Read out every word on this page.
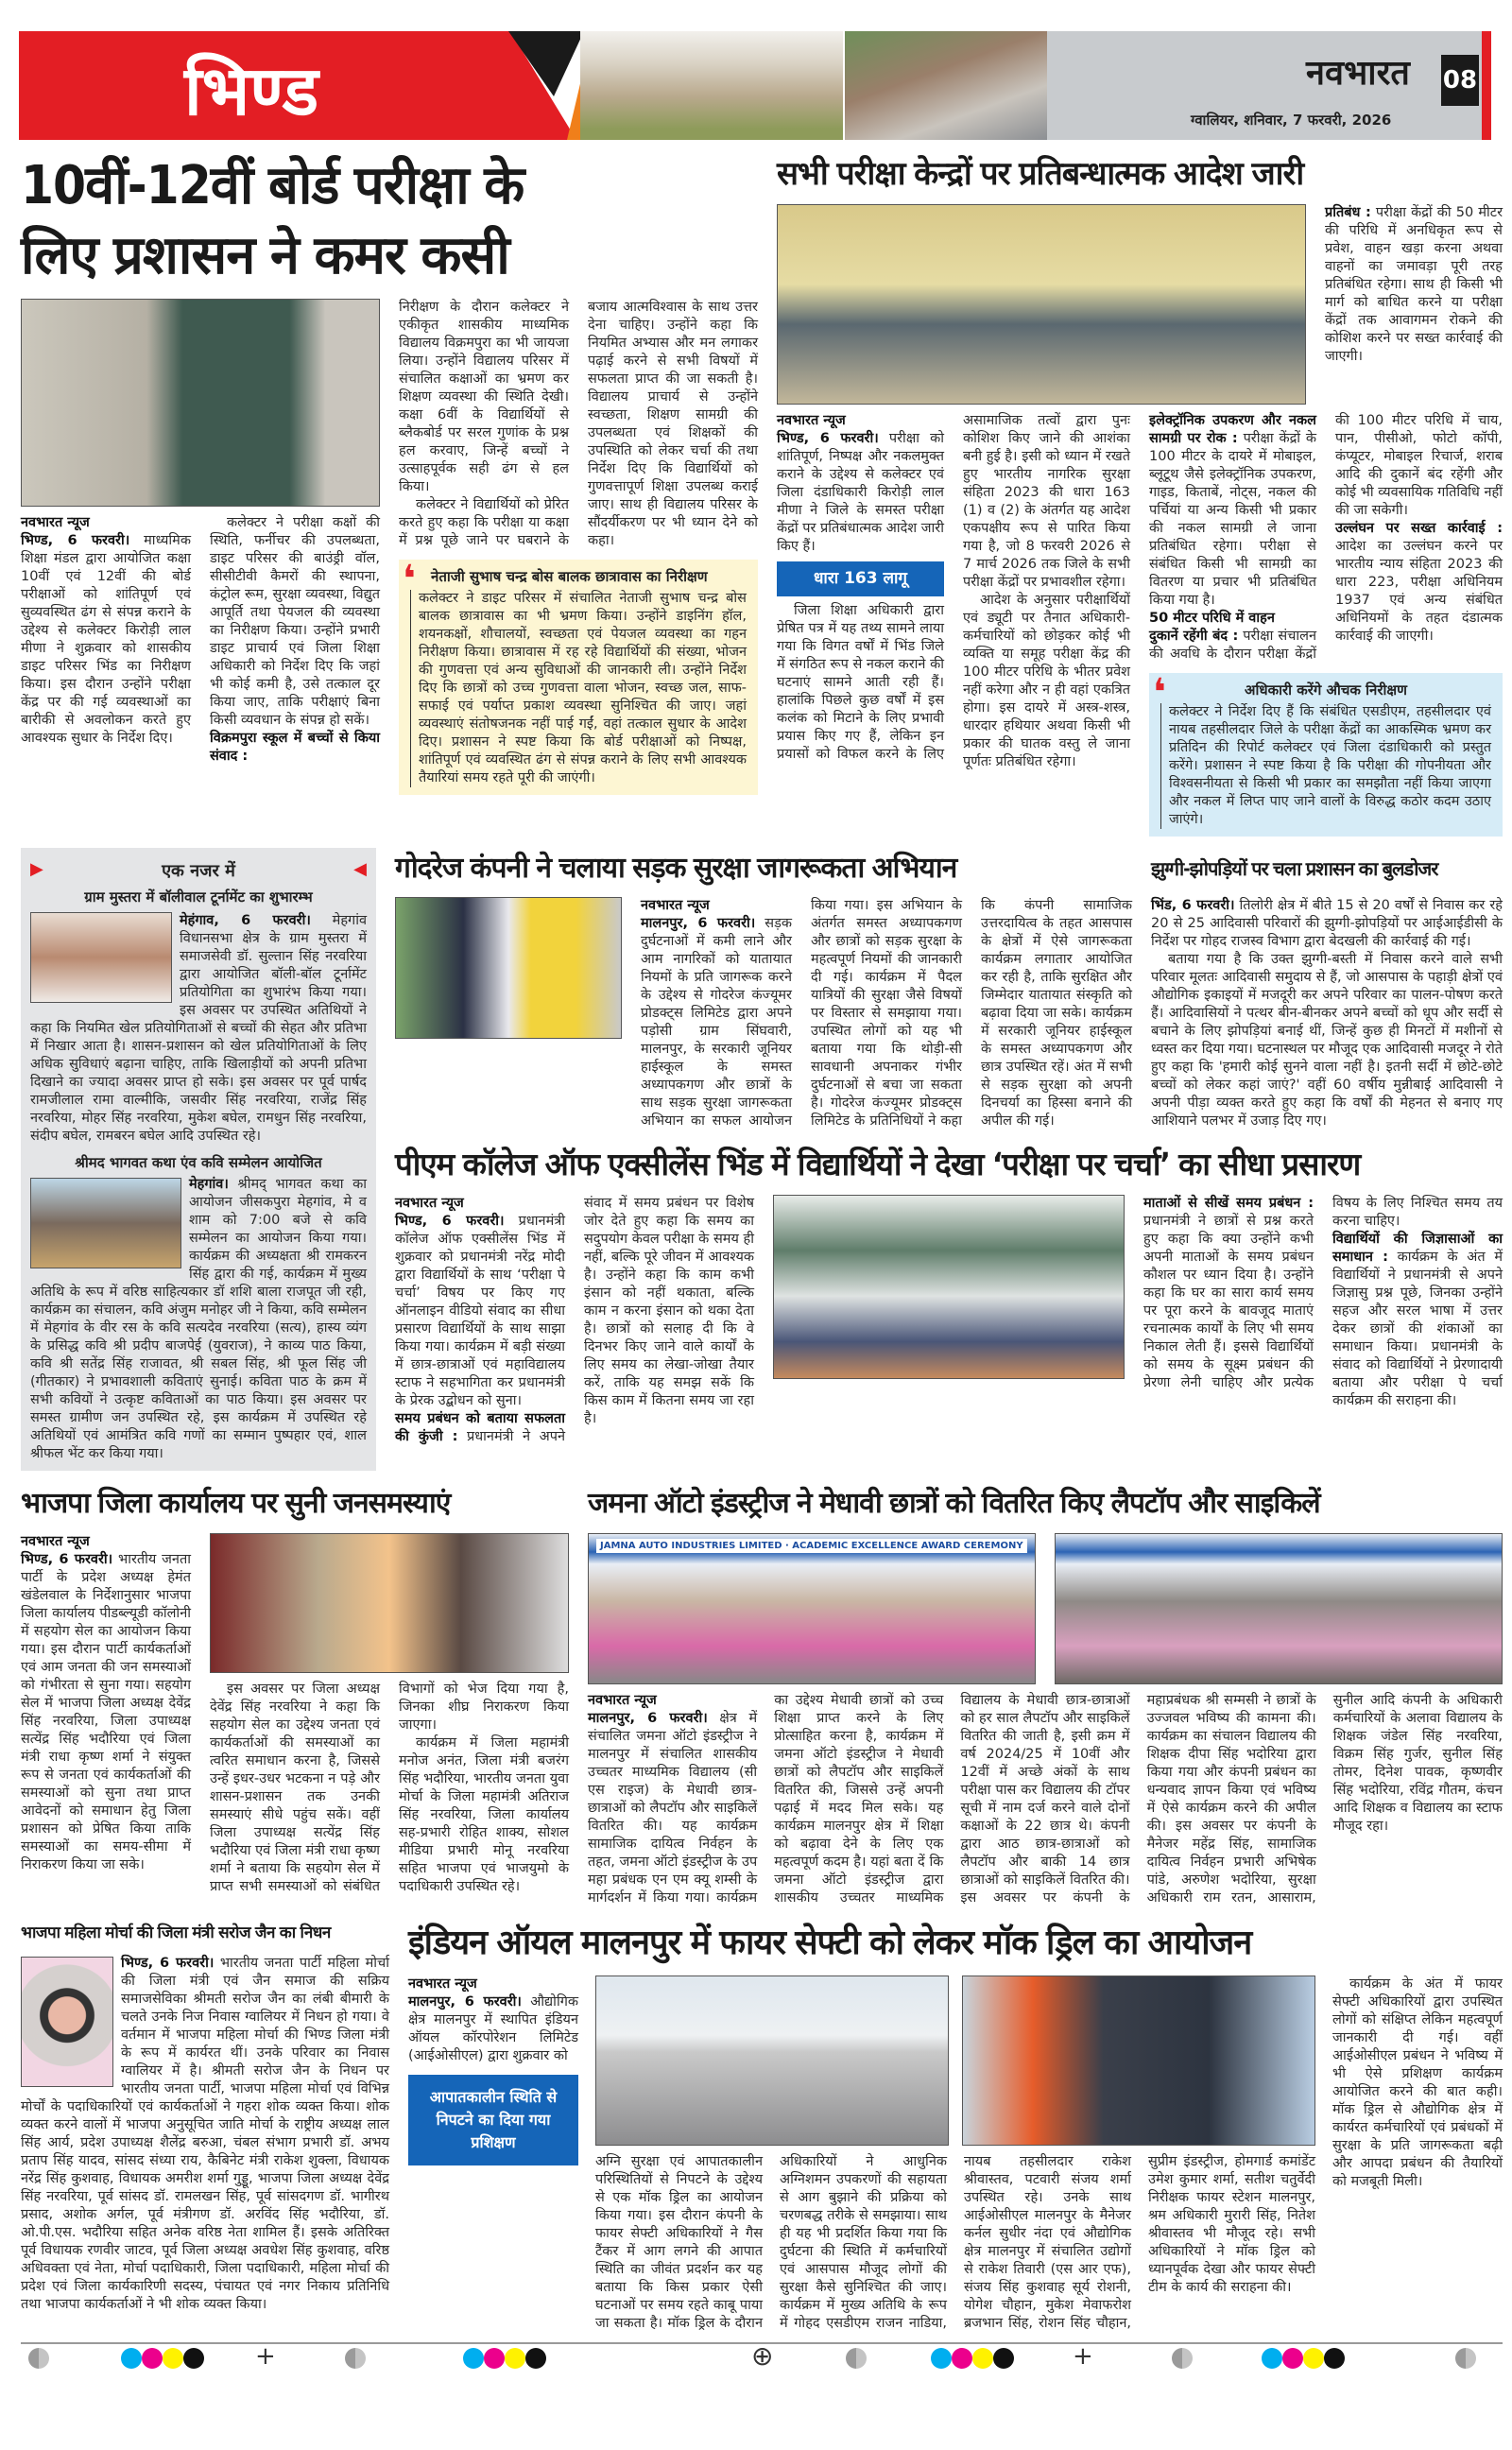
भिण्ड	नवभारत 08
ग्वालियर, शनिवार, 7 फरवरी, 2026
10वीं-12वीं बोर्ड परीक्षा के
लिए प्रशासन ने कमर कसी
नवभारत न्यूज
भिण्ड, 6 फरवरी। माध्यमिक शिक्षा मंडल द्वारा आयोजित कक्षा 10वीं एवं 12वीं की बोर्ड परीक्षाओं को शांतिपूर्ण एवं सुव्यवस्थित ढंग से संपन्न कराने के उद्देश्य से कलेक्टर किरोड़ी लाल मीणा ने शुक्रवार को शासकीय डाइट परिसर भिंड का निरीक्षण किया। इस दौरान उन्होंने परीक्षा केंद्र पर की गई व्यवस्थाओं का बारीकी से अवलोकन करते हुए आवश्यक सुधार के निर्देश दिए।

कलेक्टर ने परीक्षा कक्षों की स्थिति, फर्नीचर की उपलब्धता, डाइट परिसर की बाउंड्री वॉल, सीसीटीवी कैमरों की स्थापना, कंट्रोल रूम, सुरक्षा व्यवस्था, विद्युत आपूर्ति तथा पेयजल की व्यवस्था का निरीक्षण किया। उन्होंने प्रभारी डाइट प्राचार्य एवं जिला शिक्षा अधिकारी को निर्देश दिए कि जहां भी कोई कमी है, उसे तत्काल दूर किया जाए, ताकि परीक्षाएं बिना किसी व्यवधान के संपन्न हो सकें।

विक्रमपुरा स्कूल में बच्चों से किया संवाद :

निरीक्षण के दौरान कलेक्टर ने एकीकृत शासकीय माध्यमिक विद्यालय विक्रमपुरा का भी जायजा लिया। उन्होंने विद्यालय परिसर में संचालित कक्षाओं का भ्रमण कर शिक्षण व्यवस्था की स्थिति देखी। कक्षा 6वीं के विद्यार्थियों से ब्लैकबोर्ड पर सरल गुणांक के प्रश्न हल करवाए, जिन्हें बच्चों ने उत्साहपूर्वक सही ढंग से हल किया।

कलेक्टर ने विद्यार्थियों को प्रेरित करते हुए कहा कि परीक्षा या कक्षा में प्रश्न पूछे जाने पर घबराने के बजाय आत्मविश्वास के साथ उत्तर देना चाहिए। उन्होंने कहा कि नियमित अभ्यास और मन लगाकर पढ़ाई करने से सभी विषयों में सफलता प्राप्त की जा सकती है। विद्यालय प्राचार्य से उन्होंने स्वच्छता, शिक्षण सामग्री की उपलब्धता एवं शिक्षकों की उपस्थिति को लेकर चर्चा की तथा निर्देश दिए कि विद्यार्थियों को गुणवत्तापूर्ण शिक्षा उपलब्ध कराई जाए। साथ ही विद्यालय परिसर के सौंदर्यीकरण पर भी ध्यान देने को कहा।

❛ नेताजी सुभाष चन्द्र बोस बालक छात्रावास का निरीक्षण
कलेक्टर ने डाइट परिसर में संचालित नेताजी सुभाष चन्द्र बोस बालक छात्रावास का भी भ्रमण किया। उन्होंने डाइनिंग हॉल, शयनकक्षों, शौचालयों, स्वच्छता एवं पेयजल व्यवस्था का गहन निरीक्षण किया। छात्रावास में रह रहे विद्यार्थियों की संख्या, भोजन की गुणवत्ता एवं अन्य सुविधाओं की जानकारी ली। उन्होंने निर्देश दिए कि छात्रों को उच्च गुणवत्ता वाला भोजन, स्वच्छ जल, साफ-सफाई एवं पर्याप्त प्रकाश व्यवस्था सुनिश्चित की जाए। जहां व्यवस्थाएं संतोषजनक नहीं पाई गईं, वहां तत्काल सुधार के आदेश दिए। प्रशासन ने स्पष्ट किया कि बोर्ड परीक्षाओं को निष्पक्ष, शांतिपूर्ण एवं व्यवस्थित ढंग से संपन्न कराने के लिए सभी आवश्यक तैयारियां समय रहते पूरी की जाएंगी।
सभी परीक्षा केन्द्रों पर प्रतिबन्धात्मक आदेश जारी
प्रतिबंध : परीक्षा केंद्रों की 50 मीटर की परिधि में अनधिकृत रूप से प्रवेश, वाहन खड़ा करना अथवा वाहनों का जमावड़ा पूरी तरह प्रतिबंधित रहेगा। साथ ही किसी भी मार्ग को बाधित करने या परीक्षा केंद्रों तक आवागमन रोकने की कोशिश करने पर सख्त कार्रवाई की जाएगी।
नवभारत न्यूज
भिण्ड, 6 फरवरी। परीक्षा को शांतिपूर्ण, निष्पक्ष और नकलमुक्त कराने के उद्देश्य से कलेक्टर एवं जिला दंडाधिकारी किरोड़ी लाल मीणा ने जिले के समस्त परीक्षा केंद्रों पर प्रतिबंधात्मक आदेश जारी किए हैं।
धारा 163 लागू

जिला शिक्षा अधिकारी द्वारा प्रेषित पत्र में यह तथ्य सामने लाया गया कि विगत वर्षों में भिंड जिले में संगठित रूप से नकल कराने की घटनाएं सामने आती रही हैं। हालांकि पिछले कुछ वर्षों में इस कलंक को मिटाने के लिए प्रभावी प्रयास किए गए हैं, लेकिन इन प्रयासों को विफल करने के लिए असामाजिक तत्वों द्वारा पुनः कोशिश किए जाने की आशंका बनी हुई है। इसी को ध्यान में रखते हुए भारतीय नागरिक सुरक्षा संहिता 2023 की धारा 163 (1) व (2) के अंतर्गत यह आदेश एकपक्षीय रूप से पारित किया गया है, जो 8 फरवरी 2026 से 7 मार्च 2026 तक जिले के सभी परीक्षा केंद्रों पर प्रभावशील रहेगा।

आदेश के अनुसार परीक्षार्थियों एवं ड्यूटी पर तैनात अधिकारी-कर्मचारियों को छोड़कर कोई भी व्यक्ति या समूह परीक्षा केंद्र की 100 मीटर परिधि के भीतर प्रवेश नहीं करेगा और न ही वहां एकत्रित होगा। इस दायरे में अस्त्र-शस्त्र, धारदार हथियार अथवा किसी भी प्रकार की घातक वस्तु ले जाना पूर्णतः प्रतिबंधित रहेगा।

इलेक्ट्रॉनिक उपकरण और नकल सामग्री पर रोक : परीक्षा केंद्रों के 100 मीटर के दायरे में मोबाइल, ब्लूटूथ जैसे इलेक्ट्रॉनिक उपकरण, गाइड, किताबें, नोट्स, नकल की पर्चियां या अन्य किसी भी प्रकार की नकल सामग्री ले जाना प्रतिबंधित रहेगा। परीक्षा से संबंधित किसी भी सामग्री का वितरण या प्रचार भी प्रतिबंधित किया गया है।

50 मीटर परिधि में वाहन

दुकानें रहेंगी बंद : परीक्षा संचालन की अवधि के दौरान परीक्षा केंद्रों की 100 मीटर परिधि में चाय, पान, पीसीओ, फोटो कॉपी, कंप्यूटर, मोबाइल रिचार्ज, शराब आदि की दुकानें बंद रहेंगी और कोई भी व्यवसायिक गतिविधि नहीं की जा सकेगी।

उल्लंघन पर सख्त कार्रवाई : आदेश का उल्लंघन करने पर भारतीय न्याय संहिता 2023 की धारा 223, परीक्षा अधिनियम 1937 एवं अन्य संबंधित अधिनियमों के तहत दंडात्मक कार्रवाई की जाएगी।

❛	अधिकारी करेंगे औचक निरीक्षण
कलेक्टर ने निर्देश दिए हैं कि संबंधित एसडीएम, तहसीलदार एवं नायब तहसीलदार जिले के परीक्षा केंद्रों का आकस्मिक भ्रमण कर प्रतिदिन की रिपोर्ट कलेक्टर एवं जिला दंडाधिकारी को प्रस्तुत करेंगे। प्रशासन ने स्पष्ट किया है कि परीक्षा की गोपनीयता और विश्वसनीयता से किसी भी प्रकार का समझौता नहीं किया जाएगा और नकल में लिप्त पाए जाने वालों के विरुद्ध कठोर कदम उठाए जाएंगे।
▶	एक नजर में	◀
ग्राम मुस्तरा में बॉलीवाल टूर्नामेंट का शुभारम्भ
मेहंगाव, 6 फरवरी। मेहगांव विधानसभा क्षेत्र के ग्राम मुस्तरा में समाजसेवी डॉ. सुल्तान सिंह नरवरिया द्वारा आयोजित बॉली-बॉल टूर्नामेंट प्रतियोगिता का शुभारंभ किया गया। इस अवसर पर उपस्थित अतिथियों ने कहा कि नियमित खेल प्रतियोगिताओं से बच्चों की सेहत और प्रतिभा में निखार आता है। शासन-प्रशासन को खेल प्रतियोगिताओं के लिए अधिक सुविधाएं बढ़ाना चाहिए, ताकि खिलाड़ीयों को अपनी प्रतिभा दिखाने का ज्यादा अवसर प्राप्त हो सके। इस अवसर पर पूर्व पार्षद रामजीलाल रामा वाल्मीकि, जसवीर सिंह नरवरिया, राजेंद्र सिंह नरवरिया, मोहर सिंह नरवरिया, मुकेश बघेल, रामधुन सिंह नरवरिया, संदीप बघेल, रामबरन बघेल आदि उपस्थित रहे।
श्रीमद भागवत कथा एंव कवि सम्मेलन आयोजित
मेहगांव। श्रीमद् भागवत कथा का आयोजन जीसकपुरा मेहगांव, मे व शाम को 7:00 बजे से कवि सम्मेलन का आयोजन किया गया। कार्यक्रम की अध्यक्षता श्री रामकरन सिंह द्वारा की गई, कार्यक्रम में मुख्य अतिथि के रूप में वरिष्ठ साहित्यकार डॉ शशि बाला राजपूत जी रही, कार्यक्रम का संचालन, कवि अंजुम मनोहर जी ने किया, कवि सम्मेलन में मेहगांव के वीर रस के कवि सत्यदेव नरवरिया (सत्य), हास्य व्यंग के प्रसिद्ध कवि श्री प्रदीप बाजपेई (युवराज), ने काव्य पाठ किया, कवि श्री सतेंद्र सिंह राजावत, श्री सबल सिंह, श्री फूल सिंह जी (गीतकार) ने प्रभावशाली कविताएं सुनाई। कविता पाठ के क्रम में सभी कवियों ने उत्कृष्ट कविताओं का पाठ किया। इस अवसर पर समस्त ग्रामीण जन उपस्थित रहे, इस कार्यक्रम में उपस्थित रहे अतिथियों एवं आमंत्रित कवि गणों का सम्मान पुष्पहार एवं, शाल श्रीफल भेंट कर किया गया।
गोदरेज कंपनी ने चलाया सड़क सुरक्षा जागरूकता अभियान
नवभारत न्यूज
मालनपुर, 6 फरवरी। सड़क दुर्घटनाओं में कमी लाने और आम नागरिकों को यातायात नियमों के प्रति जागरूक करने के उद्देश्य से गोदरेज कंज्यूमर प्रोडक्ट्स लिमिटेड द्वारा अपने पड़ोसी ग्राम सिंघवारी, मालनपुर, के सरकारी जूनियर हाईस्कूल के समस्त अध्यापकगण और छात्रों के साथ सड़क सुरक्षा जागरूकता अभियान का सफल आयोजन किया गया। इस अभियान के अंतर्गत समस्त अध्यापकगण और छात्रों को सड़क सुरक्षा के महत्वपूर्ण नियमों की जानकारी दी गई। कार्यक्रम में पैदल यात्रियों की सुरक्षा जैसे विषयों पर विस्तार से समझाया गया। उपस्थित लोगों को यह भी बताया गया कि थोड़ी-सी सावधानी अपनाकर गंभीर दुर्घटनाओं से बचा जा सकता है। गोदरेज कंज्यूमर प्रोडक्ट्स लिमिटेड के प्रतिनिधियों ने कहा कि कंपनी सामाजिक उत्तरदायित्व के तहत आसपास के क्षेत्रों में ऐसे जागरूकता कार्यक्रम लगातार आयोजित कर रही है, ताकि सुरक्षित और जिम्मेदार यातायात संस्कृति को बढ़ावा दिया जा सके। कार्यक्रम में सरकारी जूनियर हाईस्कूल के समस्त अध्यापकगण और छात्र उपस्थित रहें। अंत में सभी से सड़क सुरक्षा को अपनी दिनचर्या का हिस्सा बनाने की अपील की गई।
झुग्गी-झोपड़ियों पर चला प्रशासन का बुलडोजर
भिंड, 6 फरवरी। तिलोरी क्षेत्र में बीते 15 से 20 वर्षों से निवास कर रहे 20 से 25 आदिवासी परिवारों की झुग्गी-झोपड़ियों पर आईआईडीसी के निर्देश पर गोहद राजस्व विभाग द्वारा बेदखली की कार्रवाई की गई।

बताया गया है कि उक्त झुग्गी-बस्ती में निवास करने वाले सभी परिवार मूलतः आदिवासी समुदाय से हैं, जो आसपास के पहाड़ी क्षेत्रों एवं औद्योगिक इकाइयों में मजदूरी कर अपने परिवार का पालन-पोषण करते हैं। आदिवासियों ने पत्थर बीन-बीनकर अपने बच्चों को धूप और सर्दी से बचाने के लिए झोपड़ियां बनाई थीं, जिन्हें कुछ ही मिनटों में मशीनों से ध्वस्त कर दिया गया। घटनास्थल पर मौजूद एक आदिवासी मजदूर ने रोते हुए कहा कि 'हमारी कोई सुनने वाला नहीं है। इतनी सर्दी में छोटे-छोटे बच्चों को लेकर कहां जाएं?' वहीं 60 वर्षीय मुन्नीबाई आदिवासी ने अपनी पीड़ा व्यक्त करते हुए कहा कि वर्षों की मेहनत से बनाए गए आशियाने पलभर में उजाड़ दिए गए।

पीएम कॉलेज ऑफ एक्सीलेंस भिंड में विद्यार्थियों ने देखा ‘परीक्षा पर चर्चा’ का सीधा प्रसारण
नवभारत न्यूज
भिण्ड, 6 फरवरी। प्रधानमंत्री कॉलेज ऑफ एक्सीलेंस भिंड में शुक्रवार को प्रधानमंत्री नरेंद्र मोदी द्वारा विद्यार्थियों के साथ ‘परीक्षा पे चर्चा’ विषय पर किए गए ऑनलाइन वीडियो संवाद का सीधा प्रसारण विद्यार्थियों के साथ साझा किया गया। कार्यक्रम में बड़ी संख्या में छात्र-छात्राओं एवं महाविद्यालय स्टाफ ने सहभागिता कर प्रधानमंत्री के प्रेरक उद्बोधन को सुना।

समय प्रबंधन को बताया सफलता की कुंजी : प्रधानमंत्री ने अपने संवाद में समय प्रबंधन पर विशेष जोर देते हुए कहा कि समय का सदुपयोग केवल परीक्षा के समय ही नहीं, बल्कि पूरे जीवन में आवश्यक है। उन्होंने कहा कि काम कभी इंसान को नहीं थकाता, बल्कि काम न करना इंसान को थका देता है। छात्रों को सलाह दी कि वे दिनभर किए जाने वाले कार्यों के लिए समय का लेखा-जोखा तैयार करें, ताकि यह समझ सकें कि किस काम में कितना समय जा रहा है।

माताओं से सीखें समय प्रबंधन : प्रधानमंत्री ने छात्रों से प्रश्न करते हुए कहा कि क्या उन्होंने कभी अपनी माताओं के समय प्रबंधन कौशल पर ध्यान दिया है। उन्होंने कहा कि घर का सारा कार्य समय पर पूरा करने के बावजूद माताएं रचनात्मक कार्यों के लिए भी समय निकाल लेती हैं। इससे विद्यार्थियों को समय के सूक्ष्म प्रबंधन की प्रेरणा लेनी चाहिए और प्रत्येक विषय के लिए निश्चित समय तय करना चाहिए।

विद्यार्थियों की जिज्ञासाओं का समाधान : कार्यक्रम के अंत में विद्यार्थियों ने प्रधानमंत्री से अपने जिज्ञासु प्रश्न पूछे, जिनका उन्होंने सहज और सरल भाषा में उत्तर देकर छात्रों की शंकाओं का समाधान किया। प्रधानमंत्री के संवाद को विद्यार्थियों ने प्रेरणादायी बताया और परीक्षा पे चर्चा कार्यक्रम की सराहना की।

भाजपा जिला कार्यालय पर सुनी जनसमस्याएं
नवभारत न्यूज
भिण्ड, 6 फरवरी। भारतीय जनता पार्टी के प्रदेश अध्यक्ष हेमंत खंडेलवाल के निर्देशानुसार भाजपा जिला कार्यालय पीडब्ल्यूडी कॉलोनी में सहयोग सेल का आयोजन किया गया। इस दौरान पार्टी कार्यकर्ताओं एवं आम जनता की जन समस्याओं को गंभीरता से सुना गया। सहयोग सेल में भाजपा जिला अध्यक्ष देवेंद्र सिंह नरवरिया, जिला उपाध्यक्ष सत्येंद्र सिंह भदौरिया एवं जिला मंत्री राधा कृष्ण शर्मा ने संयुक्त रूप से जनता एवं कार्यकर्ताओं की समस्याओं को सुना तथा प्राप्त आवेदनों को समाधान हेतु जिला प्रशासन को प्रेषित किया ताकि समस्याओं का समय-सीमा में निराकरण किया जा सके।

इस अवसर पर जिला अध्यक्ष देवेंद्र सिंह नरवरिया ने कहा कि सहयोग सेल का उद्देश्य जनता एवं कार्यकर्ताओं की समस्याओं का त्वरित समाधान करना है, जिससे उन्हें इधर-उधर भटकना न पड़े और शासन-प्रशासन तक उनकी समस्याएं सीधे पहुंच सकें। वहीं जिला उपाध्यक्ष सत्येंद्र सिंह भदौरिया एवं जिला मंत्री राधा कृष्ण शर्मा ने बताया कि सहयोग सेल में प्राप्त सभी समस्याओं को संबंधित विभागों को भेज दिया गया है, जिनका शीघ्र निराकरण किया जाएगा।

कार्यक्रम में जिला महामंत्री मनोज अनंत, जिला मंत्री बजरंग सिंह भदौरिया, भारतीय जनता युवा मोर्चा के जिला महामंत्री अतिराज सिंह नरवरिया, जिला कार्यालय सह-प्रभारी रोहित शाक्य, सोशल मीडिया प्रभारी मोनू नरवरिया सहित भाजपा एवं भाजयुमो के पदाधिकारी उपस्थित रहे।

जमना ऑटो इंडस्ट्रीज ने मेधावी छात्रों को वितरित किए लैपटॉप और साइकिलें
JAMNA AUTO INDUSTRIES LIMITED · ACADEMIC EXCELLENCE AWARD CEREMONY
नवभारत न्यूज
मालनपुर, 6 फरवरी। क्षेत्र में संचालित जमना ऑटो इंडस्ट्रीज ने मालनपुर में संचालित शासकीय उच्चतर माध्यमिक विद्यालय (सी एस राइज) के मेधावी छात्र-छात्राओं को लैपटॉप और साइकिलें वितरित की। यह कार्यक्रम सामाजिक दायित्व निर्वहन के तहत, जमना ऑटो इंडस्ट्रीज के उप महा प्रबंधक एन एम क्यू शम्सी के मार्गदर्शन में किया गया। कार्यक्रम का उद्देश्य मेधावी छात्रों को उच्च शिक्षा प्राप्त करने के लिए प्रोत्साहित करना है, कार्यक्रम में जमना ऑटो इंडस्ट्रीज ने मेधावी छात्रों को लैपटॉप और साइकिलें वितरित की, जिससे उन्हें अपनी पढ़ाई में मदद मिल सके। यह कार्यक्रम मालनपुर क्षेत्र में शिक्षा को बढ़ावा देने के लिए एक महत्वपूर्ण कदम है। यहां बता दें कि जमना ऑटो इंडस्ट्रीज द्वारा शासकीय उच्चतर माध्यमिक विद्यालय के मेधावी छात्र-छात्राओं को हर साल लैपटॉप और साइकिलें वितरित की जाती है, इसी क्रम में वर्ष 2024/25 में 10वीं और 12वीं में अच्छे अंकों के साथ परीक्षा पास कर विद्यालय की टॉपर सूची में नाम दर्ज करने वाले दोनों कक्षाओं के 22 छात्र थे। कंपनी द्वारा आठ छात्र-छात्राओं को लैपटॉप और बाकी 14 छात्र छात्राओं को साइकिलें वितरित की। इस अवसर पर कंपनी के महाप्रबंधक श्री सम्मसी ने छात्रों के उज्जवल भविष्य की कामना की। कार्यक्रम का संचालन विद्यालय की शिक्षक दीपा सिंह भदोरिया द्वारा किया गया और कंपनी प्रबंधन का धन्यवाद ज्ञापन किया एवं भविष्य में ऐसे कार्यक्रम करने की अपील की। इस अवसर पर कंपनी के मैनेजर महेंद्र सिंह, सामाजिक दायित्व निर्वहन प्रभारी अभिषेक पांडे, अरुणेश भदोरिया, सुरक्षा अधिकारी राम रतन, आसाराम, सुनील आदि कंपनी के अधिकारी कर्मचारियों के अलावा विद्यालय के शिक्षक जंडेल सिंह नरवरिया, विक्रम सिंह गुर्जर, सुनील सिंह तोमर, दिनेश पावक, कृष्णवीर सिंह भदोरिया, रविंद्र गौतम, कंचन आदि शिक्षक व विद्यालय का स्टाफ मौजूद रहा।
भाजपा महिला मोर्चा की जिला मंत्री सरोज जैन का निधन
भिण्ड, 6 फरवरी। भारतीय जनता पार्टी महिला मोर्चा की जिला मंत्री एवं जैन समाज की सक्रिय समाजसेविका श्रीमती सरोज जैन का लंबी बीमारी के चलते उनके निज निवास ग्वालियर में निधन हो गया। वे वर्तमान में भाजपा महिला मोर्चा की भिण्ड जिला मंत्री के रूप में कार्यरत थीं। उनके परिवार का निवास ग्वालियर में है। श्रीमती सरोज जैन के निधन पर भारतीय जनता पार्टी, भाजपा महिला मोर्चा एवं विभिन्न मोर्चों के पदाधिकारियों एवं कार्यकर्ताओं ने गहरा शोक व्यक्त किया। शोक व्यक्त करने वालों में भाजपा अनुसूचित जाति मोर्चा के राष्ट्रीय अध्यक्ष लाल सिंह आर्य, प्रदेश उपाध्यक्ष शैलेंद्र बरुआ, चंबल संभाग प्रभारी डॉ. अभय प्रताप सिंह यादव, सांसद संध्या राय, कैबिनेट मंत्री राकेश शुक्ला, विधायक नरेंद्र सिंह कुशवाह, विधायक अमरीश शर्मा गुड्डू, भाजपा जिला अध्यक्ष देवेंद्र सिंह नरवरिया, पूर्व सांसद डॉ. रामलखन सिंह, पूर्व सांसदगण डॉ. भागीरथ प्रसाद, अशोक अर्गल, पूर्व मंत्रीगण डॉ. अरविंद सिंह भदौरिया, डॉ. ओ.पी.एस. भदौरिया सहित अनेक वरिष्ठ नेता शामिल हैं। इसके अतिरिक्त पूर्व विधायक रणवीर जाटव, पूर्व जिला अध्यक्ष अवधेश सिंह कुशवाह, वरिष्ठ अधिवक्ता एवं नेता, मोर्चा पदाधिकारी, जिला पदाधिकारी, महिला मोर्चा की प्रदेश एवं जिला कार्यकारिणी सदस्य, पंचायत एवं नगर निकाय प्रतिनिधि तथा भाजपा कार्यकर्ताओं ने भी शोक व्यक्त किया।
इंडियन ऑयल मालनपुर में फायर सेफ्टी को लेकर मॉक ड्रिल का आयोजन
नवभारत न्यूज
मालनपुर, 6 फरवरी। औद्योगिक क्षेत्र मालनपुर में स्थापित इंडियन ऑयल कॉरपोरेशन लिमिटेड (आईओसीएल) द्वारा शुक्रवार को
आपातकालीन स्थिति से निपटने का दिया गया प्रशिक्षण
अग्नि सुरक्षा एवं आपातकालीन परिस्थितियों से निपटने के उद्देश्य से एक मॉक ड्रिल का आयोजन किया गया। इस दौरान कंपनी के फायर सेफ्टी अधिकारियों ने गैस टैंकर में आग लगने की आपात स्थिति का जीवंत प्रदर्शन कर यह बताया कि किस प्रकार ऐसी घटनाओं पर समय रहते काबू पाया जा सकता है। मॉक ड्रिल के दौरान अधिकारियों ने आधुनिक अग्निशमन उपकरणों की सहायता से आग बुझाने की प्रक्रिया को चरणबद्ध तरीके से समझाया। साथ ही यह भी प्रदर्शित किया गया कि दुर्घटना की स्थिति में कर्मचारियों एवं आसपास मौजूद लोगों की सुरक्षा कैसे सुनिश्चित की जाए। कार्यक्रम में मुख्य अतिथि के रूप में गोहद एसडीएम राजन नाडिया, नायब तहसीलदार राकेश श्रीवास्तव, पटवारी संजय शर्मा उपस्थित रहे। उनके साथ आईओसीएल मालनपुर के मैनेजर कर्नल सुधीर नंदा एवं औद्योगिक क्षेत्र मालनपुर में संचालित उद्योगों से राकेश तिवारी (एस आर एफ), संजय सिंह कुशवाह सूर्य रोशनी, योगेश चौहान, मुकेश मेवाफरोश ब्रजभान सिंह, रोशन सिंह चौहान, सुप्रीम इंडस्ट्रीज, होमगार्ड कमांडेंट उमेश कुमार शर्मा, सतीश चतुर्वेदी निरीक्षक फायर स्टेशन मालनपुर, श्रम अधिकारी मुरारी सिंह, नितेश श्रीवास्तव भी मौजूद रहे। सभी अधिकारियों ने मॉक ड्रिल को ध्यानपूर्वक देखा और फायर सेफ्टी टीम के कार्य की सराहना की।

कार्यक्रम के अंत में फायर सेफ्टी अधिकारियों द्वारा उपस्थित लोगों को संक्षिप्त लेकिन महत्वपूर्ण जानकारी दी गई। वहीं आईओसीएल प्रबंधन ने भविष्य में भी ऐसे प्रशिक्षण कार्यक्रम आयोजित करने की बात कही। मॉक ड्रिल से औद्योगिक क्षेत्र में कार्यरत कर्मचारियों एवं प्रबंधकों में सुरक्षा के प्रति जागरूकता बढ़ी और आपदा प्रबंधन की तैयारियों को मजबूती मिली।

+	⊕	+
